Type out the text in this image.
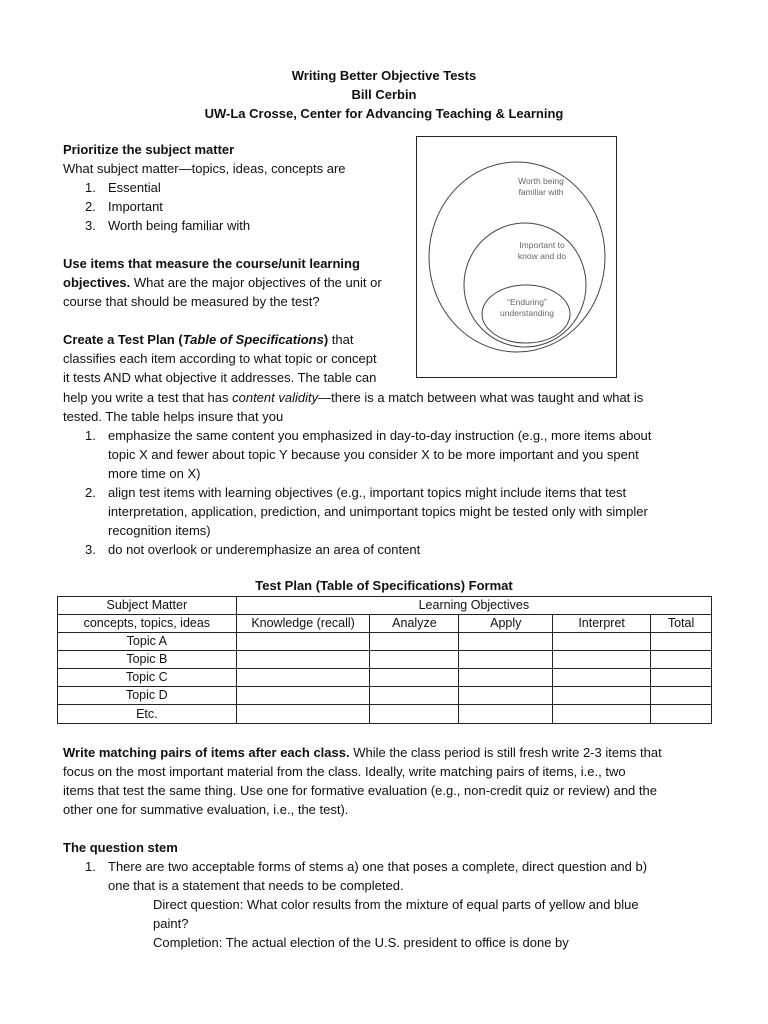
Writing Better Objective Tests
Bill Cerbin
UW-La Crosse, Center for Advancing Teaching & Learning
Prioritize the subject matter
What subject matter—topics, ideas, concepts are
1. Essential
2. Important
3. Worth being familiar with
Use items that measure the course/unit learning
objectives. What are the major objectives of the unit or
course that should be measured by the test?
Create a Test Plan (Table of Specifications) that
classifies each item according to what topic or concept
it tests AND what objective it addresses. The table can
Worth being
familiar with
Important to
know and do
“Enduring”
understanding
help you write a test that has content validity—there is a match between what was taught and what is
tested. The table helps insure that you
1. emphasize the same content you emphasized in day-to-day instruction (e.g., more items about
topic X and fewer about topic Y because you consider X to be more important and you spent
more time on X)
2. align test items with learning objectives (e.g., important topics might include items that test
interpretation, application, prediction, and unimportant topics might be tested only with simpler
recognition items)
3. do not overlook or underemphasize an area of content
Test Plan (Table of Specifications) Format
Subject Matter	Learning Objectives				
concepts, topics, ideas	Knowledge (recall)	Analyze	Apply	Interpret	Total
Topic A					
Topic B					
Topic C					
Topic D					
Etc.					
Write matching pairs of items after each class. While the class period is still fresh write 2-3 items that
focus on the most important material from the class. Ideally, write matching pairs of items, i.e., two
items that test the same thing. Use one for formative evaluation (e.g., non-credit quiz or review) and the
other one for summative evaluation, i.e., the test).
The question stem
1. There are two acceptable forms of stems a) one that poses a complete, direct question and b)
one that is a statement that needs to be completed.
Direct question: What color results from the mixture of equal parts of yellow and blue
paint?
Completion: The actual election of the U.S. president to office is done by
